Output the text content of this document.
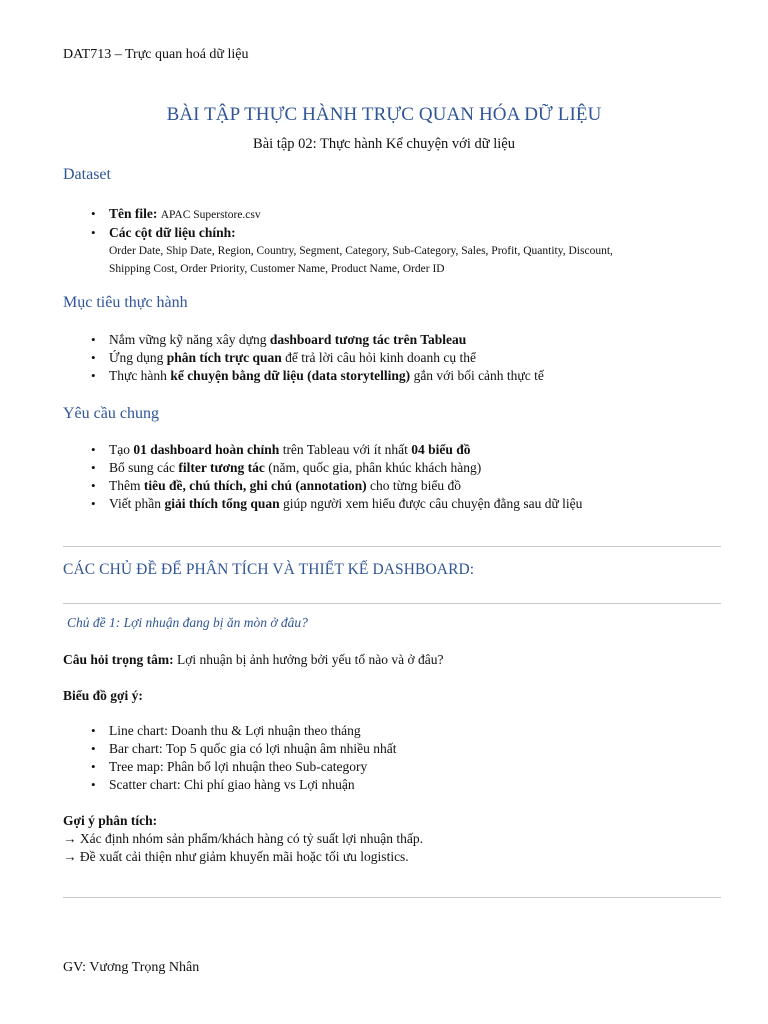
DAT713 – Trực quan hoá dữ liệu
BÀI TẬP THỰC HÀNH TRỰC QUAN HÓA DỮ LIỆU
Bài tập 02: Thực hành Kể chuyện với dữ liệu
Dataset
• Tên file: APAC Superstore.csv
• Các cột dữ liệu chính:
Order Date, Ship Date, Region, Country, Segment, Category, Sub-Category, Sales, Profit, Quantity, Discount,
Shipping Cost, Order Priority, Customer Name, Product Name, Order ID
Mục tiêu thực hành
• Nắm vững kỹ năng xây dựng dashboard tương tác trên Tableau
• Ứng dụng phân tích trực quan để trả lời câu hỏi kinh doanh cụ thể
• Thực hành kể chuyện bằng dữ liệu (data storytelling) gắn với bối cảnh thực tế
Yêu cầu chung
• Tạo 01 dashboard hoàn chỉnh trên Tableau với ít nhất 04 biểu đồ
• Bổ sung các filter tương tác (năm, quốc gia, phân khúc khách hàng)
• Thêm tiêu đề, chú thích, ghi chú (annotation) cho từng biểu đồ
• Viết phần giải thích tổng quan giúp người xem hiểu được câu chuyện đằng sau dữ liệu
CÁC CHỦ ĐỀ ĐỂ PHÂN TÍCH VÀ THIẾT KẾ DASHBOARD:
Chủ đề 1: Lợi nhuận đang bị ăn mòn ở đâu?
Câu hỏi trọng tâm: Lợi nhuận bị ảnh hưởng bởi yếu tố nào và ở đâu?
Biểu đồ gợi ý:
• Line chart: Doanh thu & Lợi nhuận theo tháng
• Bar chart: Top 5 quốc gia có lợi nhuận âm nhiều nhất
• Tree map: Phân bổ lợi nhuận theo Sub-category
• Scatter chart: Chi phí giao hàng vs Lợi nhuận
Gợi ý phân tích:
→ Xác định nhóm sản phẩm/khách hàng có tỷ suất lợi nhuận thấp.
→ Đề xuất cải thiện như giảm khuyến mãi hoặc tối ưu logistics.
GV: Vương Trọng Nhân
